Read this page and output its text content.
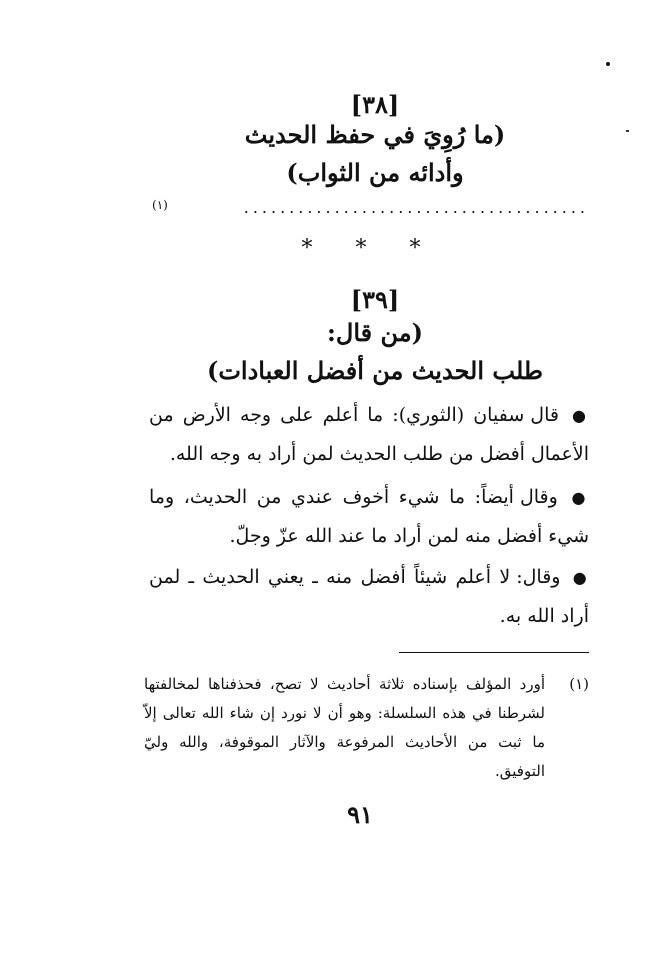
[٣٨]
(ما رُوِيَ في حفظ الحديث
وأدائه من الثواب)
......................................
(١)
* * *
[٣٩]
(من قال:
طلب الحديث من أفضل العبادات)
● قال سفيان (الثوري): ما أعلم على وجه الأرض من الأعمال أفضل من طلب الحديث لمن أراد به وجه الله.
● وقال أيضاً: ما شيء أخوف عندي من الحديث، وما شيء أفضل منه لمن أراد ما عند الله عزّ وجلّ.
● وقال: لا أعلم شيئاً أفضل منه ـ يعني الحديث ـ لمن أراد الله به.
(١)
أورد المؤلف بإسناده ثلاثة أحاديث لا تصح، فحذفناها لمخالفتها لشرطنا في هذه السلسلة: وهو أن لا نورد إن شاء الله تعالى إلاّ ما ثبت من الأحاديث المرفوعة والآثار الموقوفة، والله وليّ التوفيق.
٩١
